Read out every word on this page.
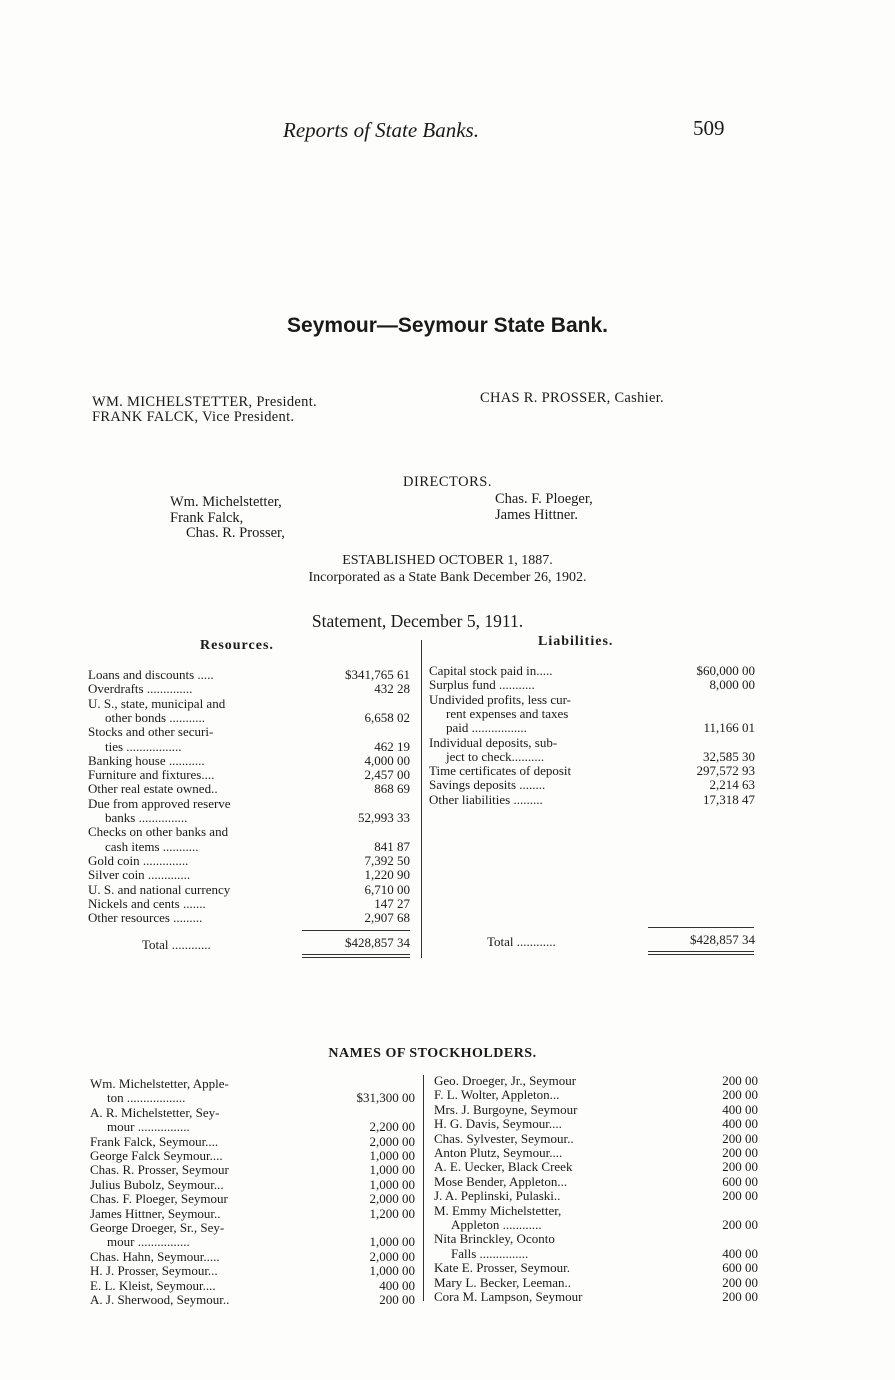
Reports of State Banks.	509
Seymour—Seymour State Bank.
WM. MICHELSTETTER, President.
FRANK FALCK, Vice President.
CHAS R. PROSSER, Cashier.
DIRECTORS.
Wm. Michelstetter,
Frank Falck,
Chas. R. Prosser,
Chas. F. Ploeger,
James Hittner.
ESTABLISHED OCTOBER 1, 1887.
Incorporated as a State Bank December 26, 1902.
Statement, December 5, 1911.
Resources.	Liabilities.
Loans and discounts .....	$341,765 61
Overdrafts ..............	432 28
U. S., state, municipal and
other bonds ...........	6,658 02
Stocks and other securi-
ties .................	462 19
Banking house ...........	4,000 00
Furniture and fixtures....	2,457 00
Other real estate owned..	868 69
Due from approved reserve
banks ...............	52,993 33
Checks on other banks and
cash items ...........	841 87
Gold coin ..............	7,392 50
Silver coin .............	1,220 90
U. S. and national currency	6,710 00
Nickels and cents .......	147 27
Other resources .........	2,907 68
Capital stock paid in.....	$60,000 00
Surplus fund ...........	8,000 00
Undivided profits, less cur-
rent expenses and taxes
paid .................	11,166 01
Individual deposits, sub-
ject to check..........	32,585 30
Time certificates of deposit	297,572 93
Savings deposits ........	2,214 63
Other liabilities .........	17,318 47
Total ............	$428,857 34	Total ............	$428,857 34
NAMES OF STOCKHOLDERS.
Wm. Michelstetter, Apple-
ton ..................	$31,300 00
A. R. Michelstetter, Sey-
mour ................	2,200 00
Frank Falck, Seymour....	2,000 00
George Falck Seymour....	1,000 00
Chas. R. Prosser, Seymour	1,000 00
Julius Bubolz, Seymour...	1,000 00
Chas. F. Ploeger, Seymour	2,000 00
James Hittner, Seymour..	1,200 00
George Droeger, Sr., Sey-
mour ................	1,000 00
Chas. Hahn, Seymour.....	2,000 00
H. J. Prosser, Seymour...	1,000 00
E. L. Kleist, Seymour....	400 00
A. J. Sherwood, Seymour..	200 00
Geo. Droeger, Jr., Seymour	200 00
F. L. Wolter, Appleton...	200 00
Mrs. J. Burgoyne, Seymour	400 00
H. G. Davis, Seymour....	400 00
Chas. Sylvester, Seymour..	200 00
Anton Plutz, Seymour....	200 00
A. E. Uecker, Black Creek	200 00
Mose Bender, Appleton...	600 00
J. A. Peplinski, Pulaski..	200 00
M. Emmy Michelstetter,
Appleton ............	200 00
Nita Brinckley, Oconto
Falls ...............	400 00
Kate E. Prosser, Seymour.	600 00
Mary L. Becker, Leeman..	200 00
Cora M. Lampson, Seymour	200 00
